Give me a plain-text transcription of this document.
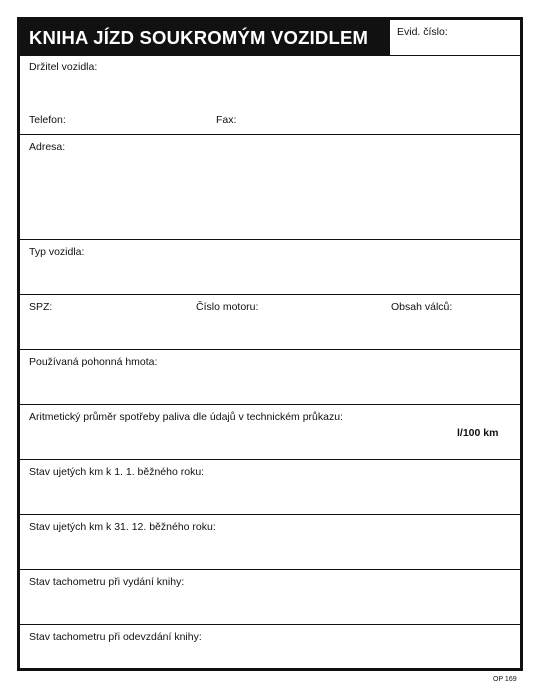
KNIHA JÍZD SOUKROMÝM VOZIDLEM	Evid. číslo:
Držitel vozidla:
Telefon:	Fax:
Adresa:
Typ vozidla:
SPZ:	Číslo motoru:	Obsah válců:
Používaná pohonná hmota:
Aritmetický průměr spotřeby paliva dle údajů v technickém průkazu:
l/100 km
Stav ujetých km k 1. 1. běžného roku:
Stav ujetých km k 31. 12. běžného roku:
Stav tachometru při vydání knihy:
Stav tachometru při odevzdání knihy:
OP 169
